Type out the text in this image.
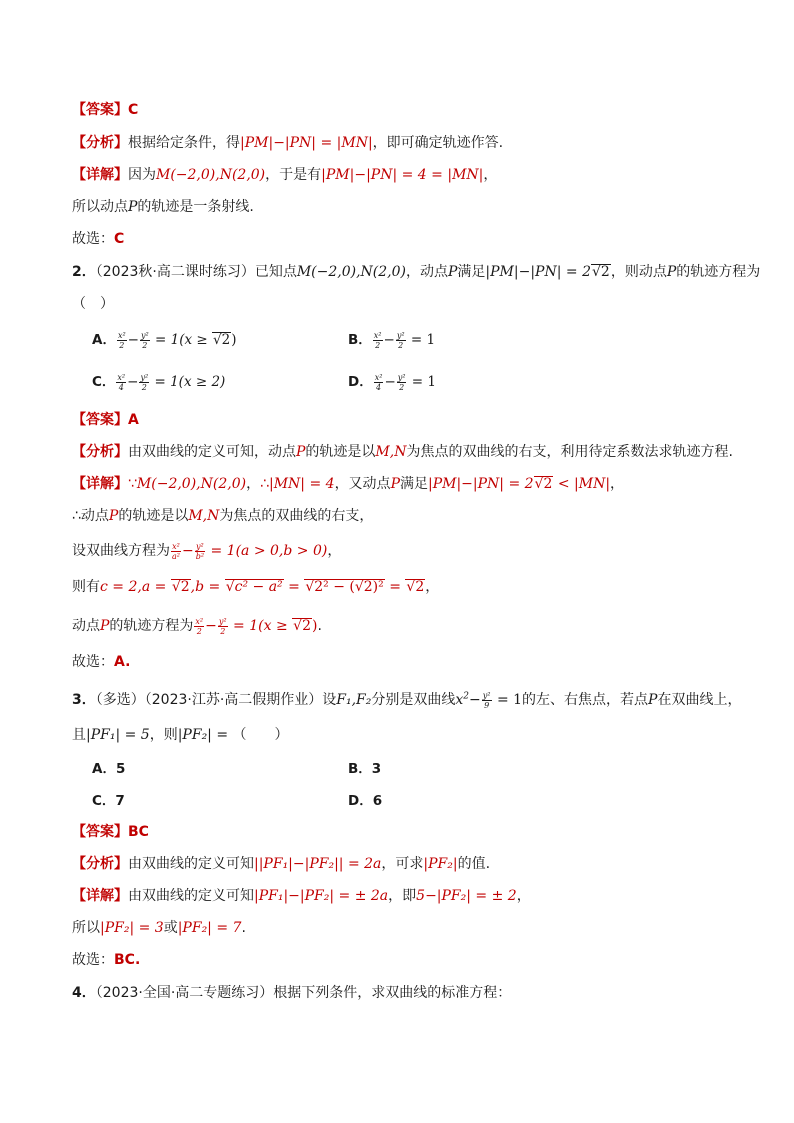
【答案】C
【分析】根据给定条件，得|PM|−|PN| = |MN|，即可确定轨迹作答.
【详解】因为M(−2,0),N(2,0)，于是有|PM|−|PN| = 4 = |MN|，
所以动点P的轨迹是一条射线.
故选：C
2．（2023秋·高二课时练习）已知点M(−2,0),N(2,0)，动点P满足|PM|−|PN| = 2√2，则动点P的轨迹方程为
（　）
A． $\frac{\text{x²}}{2} - \frac{\text{y²}}{2} = 1(x \ge √2)$	B． $\frac{\text{x²}}{2} - \frac{\text{y²}}{2} = 1$
C． $\frac{\text{x²}}{4} - \frac{\text{y²}}{2} = 1(x \ge 2)$	D． $\frac{\text{x²}}{4} - \frac{\text{y²}}{2} = 1$
【答案】A
【分析】由双曲线的定义可知，动点P的轨迹是以M,N为焦点的双曲线的右支，利用待定系数法求轨迹方程.
【详解】∵M(−2,0),N(2,0)，∴|MN| = 4，又动点P满足|PM|−|PN| = 2√2 < |MN|，
∴动点P的轨迹是以M,N为焦点的双曲线的右支，
设双曲线方程为 $\frac{\text{x²}}{\text{a²}} - \frac{\text{y²}}{\text{b²}} = 1(a > 0,b > 0)$，
则有c = 2,a = √2,b = √c² − a² = √2² − (√2)² = √2，
动点P的轨迹方程为 $\frac{\text{x²}}{2} - \frac{\text{y²}}{2} = 1(x \ge √2)$.
故选：A.
3．（多选）（2023·江苏·高二假期作业）设F₁,F₂分别是双曲线$x^2- \frac{\text{y²}}{9} = 1$的左、右焦点，若点P在双曲线上，
且|PF₁| = 5，则|PF₂| = （　　）
A．5	B．3
C．7	D．6
【答案】BC
【分析】由双曲线的定义可知||PF₁|−|PF₂|| = 2a，可求|PF₂|的值.
【详解】由双曲线的定义可知|PF₁|−|PF₂| = ± 2a，即5−|PF₂| = ± 2，
所以|PF₂| = 3或|PF₂| = 7.
故选：BC.
4．（2023·全国·高二专题练习）根据下列条件，求双曲线的标准方程：
